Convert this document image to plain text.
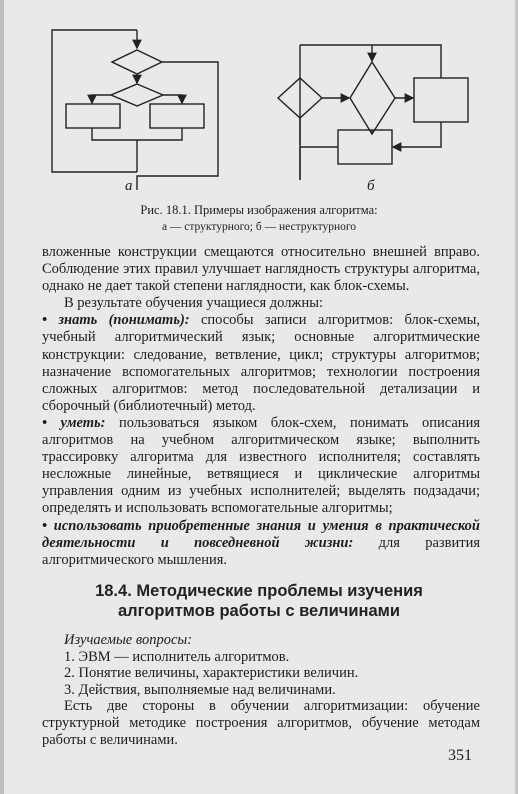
а	б
Рис. 18.1. Примеры изображения алгоритма:
а — структурного; б — неструктурного

вложенные конструкции смещаются относительно внешней вправо. Соблюдение этих правил улучшает наглядность структуры алгоритма, однако не дает такой степени наглядности, как блок-схемы.

В результате обучения учащиеся должны:

• знать (понимать): способы записи алгоритмов: блок-схемы, учебный алгоритмический язык; основные алгоритмические конструкции: следование, ветвление, цикл; структуры алгоритмов; назначение вспомогательных алгоритмов; технологии построения сложных алгоритмов: метод последовательной детализации и сборочный (библиотечный) метод.

• уметь: пользоваться языком блок-схем, понимать описания алгоритмов на учебном алгоритмическом языке; выполнить трассировку алгоритма для известного исполнителя; составлять несложные линейные, ветвящиеся и циклические алгоритмы управления одним из учебных исполнителей; выделять подзадачи; определять и использовать вспомогательные алгоритмы;

• использовать приобретенные знания и умения в практической деятельности и повседневной жизни: для развития алгоритмического мышления.

18.4. Методические проблемы изучения
алгоритмов работы с величинами
Изучаемые вопросы:
1. ЭВМ — исполнитель алгоритмов.
2. Понятие величины, характеристики величин.
3. Действия, выполняемые над величинами.

Есть две стороны в обучении алгоритмизации: обучение структурной методике построения алгоритмов, обучение методам работы с величинами.

351
